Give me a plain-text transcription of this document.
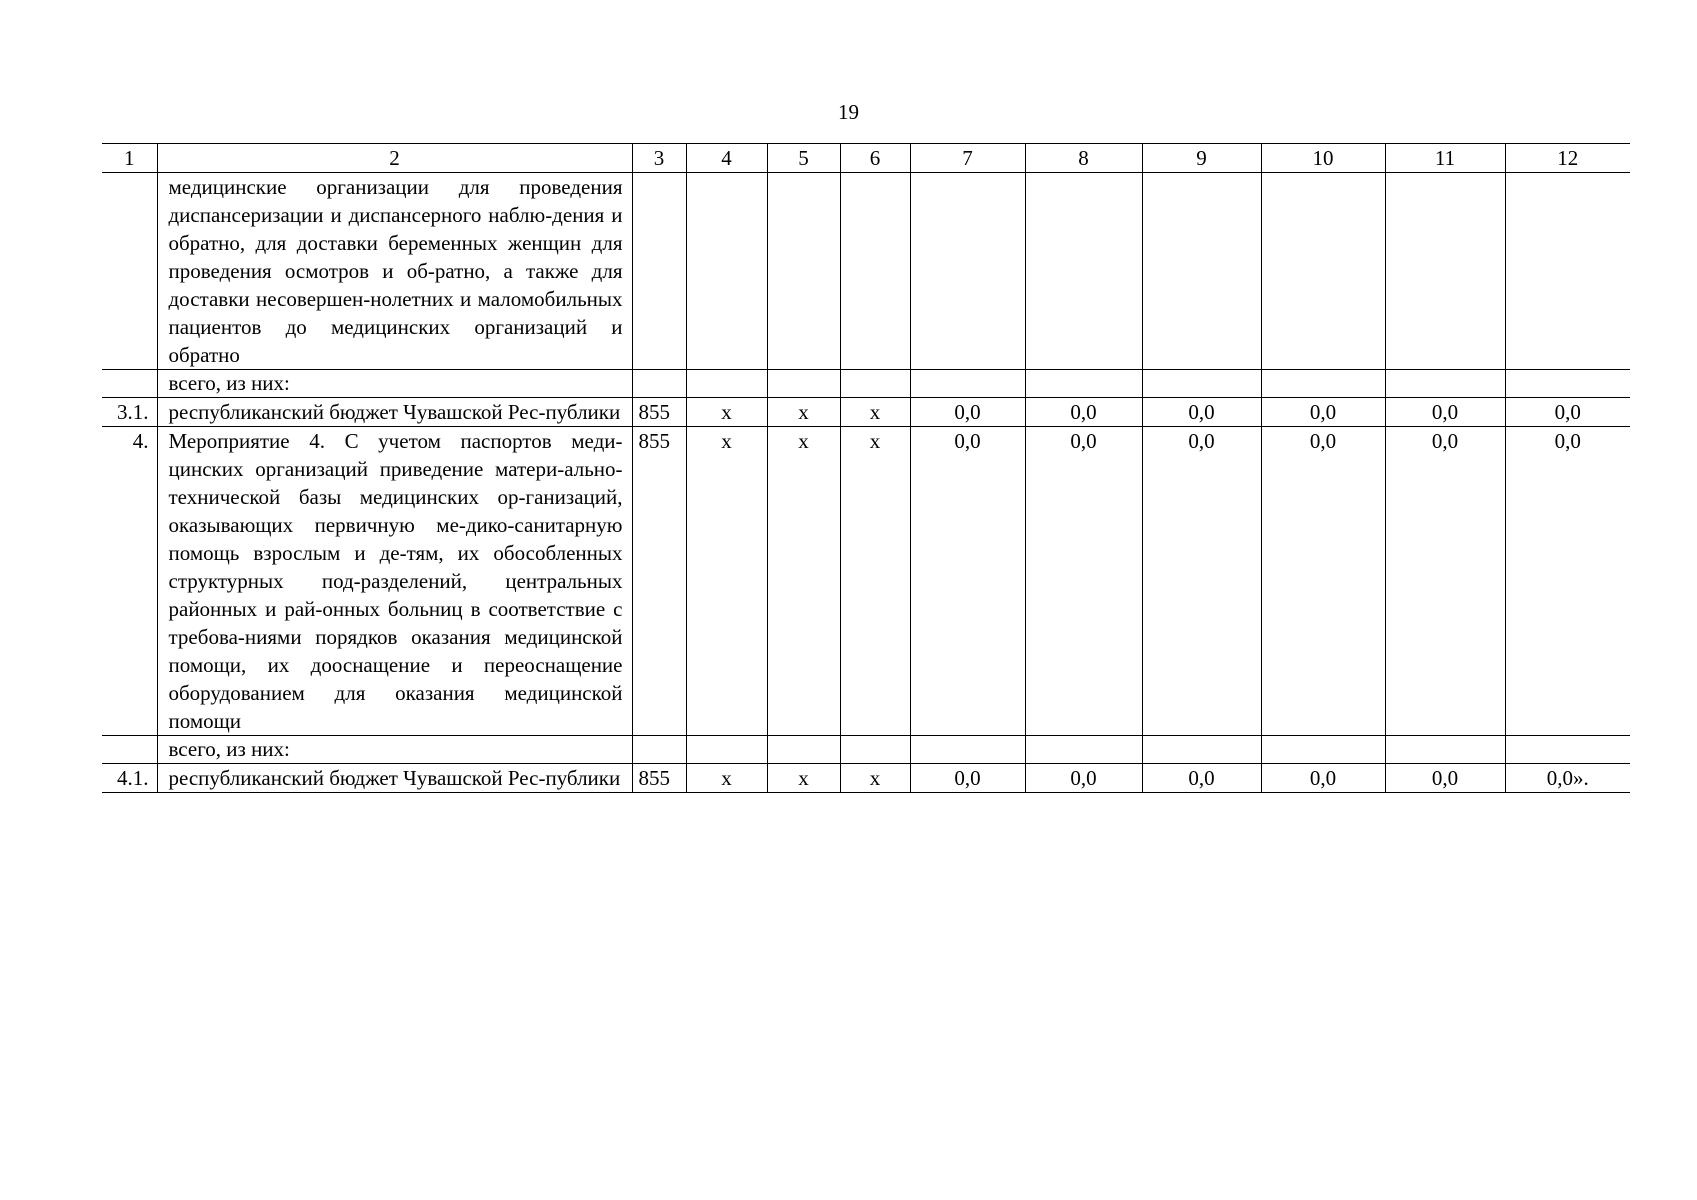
19
1	2	3	4	5	6	7	8	9	10	11	12
	медицинские организации для проведения диспансеризации и диспансерного наблю-дения и обратно, для доставки беременных женщин для проведения осмотров и об-ратно, а также для доставки несовершен-нолетних и маломобильных пациентов до медицинских организаций и обратно										
	всего, из них:										
3.1.	республиканский бюджет Чувашской Рес-публики	855	x	x	x	0,0	0,0	0,0	0,0	0,0	0,0
4.	Мероприятие 4. С учетом паспортов меди-цинских организаций приведение матери-ально-технической базы медицинских ор-ганизаций, оказывающих первичную ме-дико-санитарную помощь взрослым и де-тям, их обособленных структурных под-разделений, центральных районных и рай-онных больниц в соответствие с требова-ниями порядков оказания медицинской помощи, их дооснащение и переоснащение оборудованием для оказания медицинской помощи	855	x	x	x	0,0	0,0	0,0	0,0	0,0	0,0
	всего, из них:										
4.1.	республиканский бюджет Чувашской Рес-публики	855	x	x	x	0,0	0,0	0,0	0,0	0,0	0,0».
